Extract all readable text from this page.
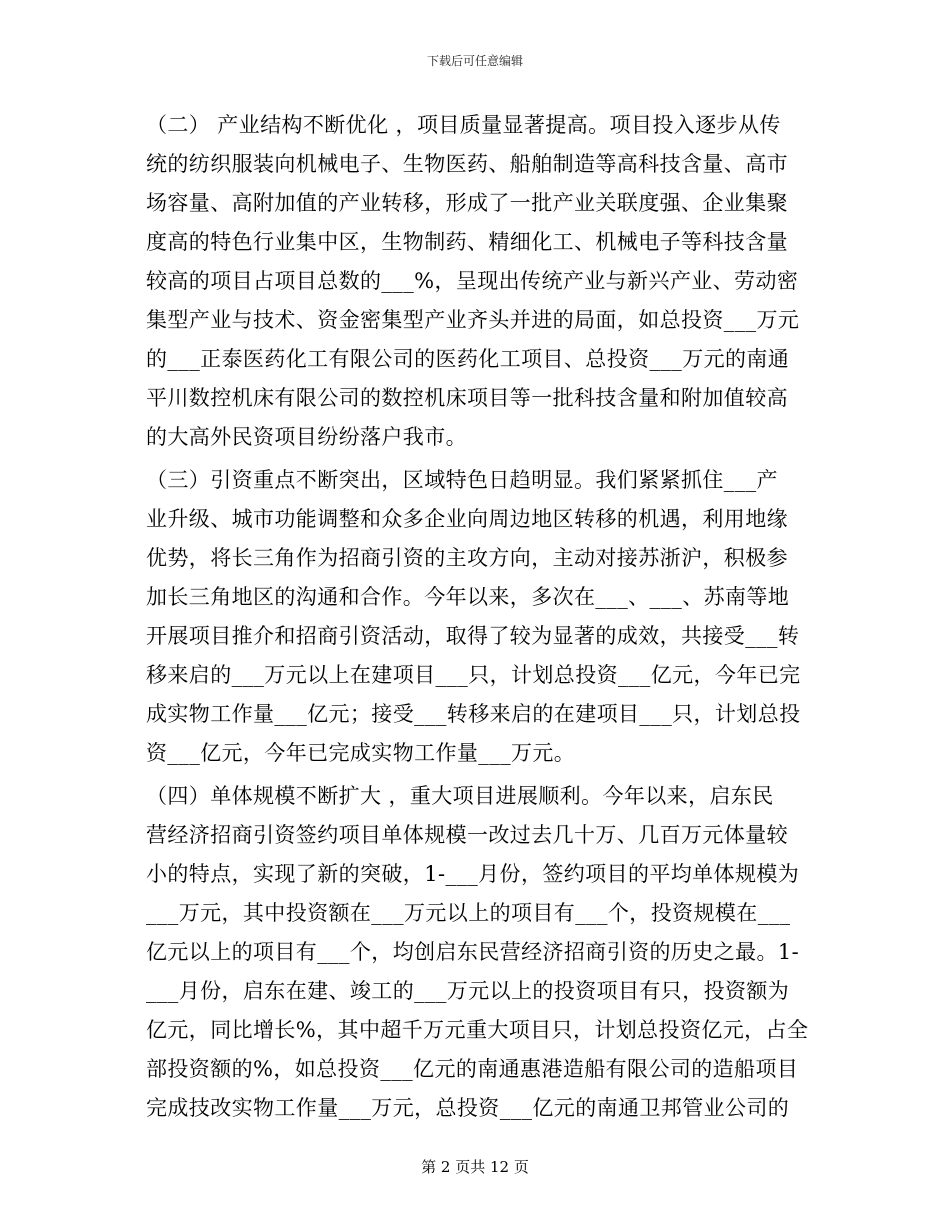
下载后可任意编辑
（二） 产业结构不断优化 ，项目质量显著提高。项目投入逐步从传
统的纺织服装向机械电子、生物医药、船舶制造等高科技含量、高市
场容量、高附加值的产业转移，形成了一批产业关联度强、企业集聚
度高的特色行业集中区，生物制药、精细化工、机械电子等科技含量
较高的项目占项目总数的___%，呈现出传统产业与新兴产业、劳动密
集型产业与技术、资金密集型产业齐头并进的局面，如总投资___万元
的___正泰医药化工有限公司的医药化工项目、总投资___万元的南通
平川数控机床有限公司的数控机床项目等一批科技含量和附加值较高
的大高外民资项目纷纷落户我市。
（三）引资重点不断突出，区域特色日趋明显。我们紧紧抓住___产
业升级、城市功能调整和众多企业向周边地区转移的机遇，利用地缘
优势，将长三角作为招商引资的主攻方向，主动对接苏浙沪，积极参
加长三角地区的沟通和合作。今年以来，多次在___、___、苏南等地
开展项目推介和招商引资活动，取得了较为显著的成效，共接受___转
移来启的___万元以上在建项目___只，计划总投资___亿元，今年已完
成实物工作量___亿元；接受___转移来启的在建项目___只，计划总投
资___亿元，今年已完成实物工作量___万元。
（四）单体规模不断扩大 ，重大项目进展顺利。今年以来，启东民
营经济招商引资签约项目单体规模一改过去几十万、几百万元体量较
小的特点，实现了新的突破，1-___月份，签约项目的平均单体规模为
___万元，其中投资额在___万元以上的项目有___个，投资规模在___
亿元以上的项目有___个，均创启东民营经济招商引资的历史之最。1-
___月份，启东在建、竣工的___万元以上的投资项目有只，投资额为
亿元，同比增长%，其中超千万元重大项目只，计划总投资亿元，占全
部投资额的%，如总投资___亿元的南通惠港造船有限公司的造船项目
完成技改实物工作量___万元，总投资___亿元的南通卫邦管业公司的
第 2 页共 12 页
